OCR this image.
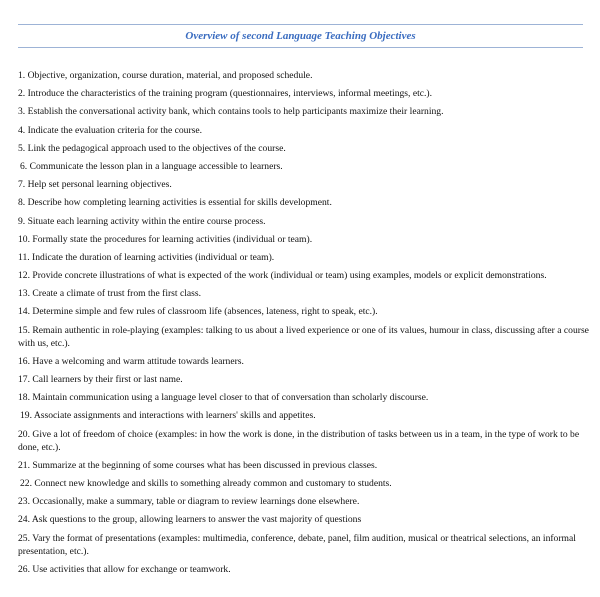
Overview of second Language Teaching Objectives
1. Objective, organization, course duration, material, and proposed schedule.
2. Introduce the characteristics of the training program (questionnaires, interviews, informal meetings, etc.).
3. Establish the conversational activity bank, which contains tools to help participants maximize their learning.
4. Indicate the evaluation criteria for the course.
5. Link the pedagogical approach used to the objectives of the course.
6. Communicate the lesson plan in a language accessible to learners.
7. Help set personal learning objectives.
8. Describe how completing learning activities is essential for skills development.
9. Situate each learning activity within the entire course process.
10. Formally state the procedures for learning activities (individual or team).
11. Indicate the duration of learning activities (individual or team).
12. Provide concrete illustrations of what is expected of the work (individual or team) using examples, models or explicit demonstrations.
13. Create a climate of trust from the first class.
14. Determine simple and few rules of classroom life (absences, lateness, right to speak, etc.).
15. Remain authentic in role-playing (examples: talking to us about a lived experience or one of its values, humour in class, discussing after a course with us, etc.).
16. Have a welcoming and warm attitude towards learners.
17. Call learners by their first or last name.
18. Maintain communication using a language level closer to that of conversation than scholarly discourse.
19. Associate assignments and interactions with learners' skills and appetites.
20. Give a lot of freedom of choice (examples: in how the work is done, in the distribution of tasks between us in a team, in the type of work to be done, etc.).
21. Summarize at the beginning of some courses what has been discussed in previous classes.
22. Connect new knowledge and skills to something already common and customary to students.
23. Occasionally, make a summary, table or diagram to review learnings done elsewhere.
24. Ask questions to the group, allowing learners to answer the vast majority of questions
25. Vary the format of presentations (examples: multimedia, conference, debate, panel, film audition, musical or theatrical selections, an informal presentation, etc.).
26. Use activities that allow for exchange or teamwork.
